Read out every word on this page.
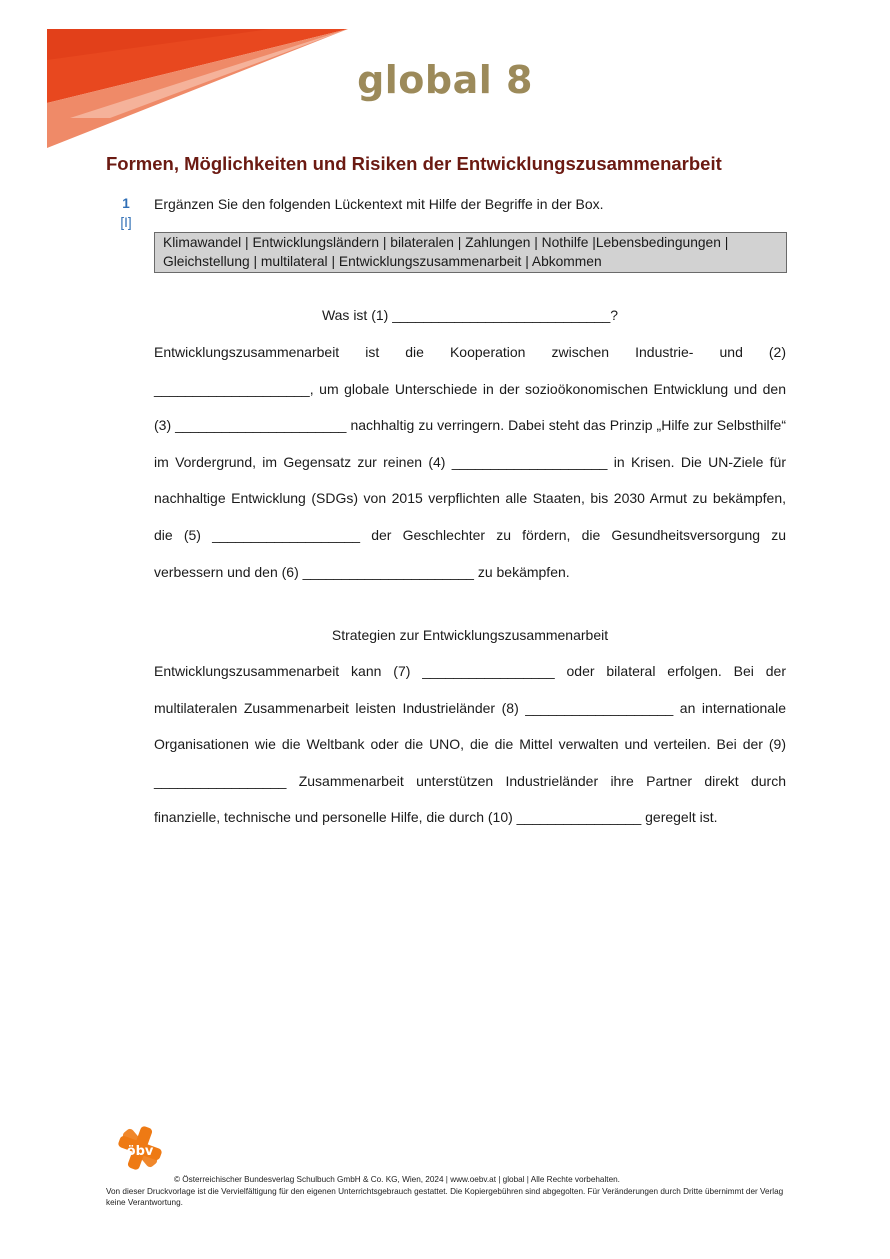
global 8
Formen, Möglichkeiten und Risiken der Entwicklungszusammenarbeit
1
[I]
Ergänzen Sie den folgenden Lückentext mit Hilfe der Begriffe in der Box.
Klimawandel | Entwicklungsländern | bilateralen | Zahlungen | Nothilfe |Lebensbedingungen |
Gleichstellung | multilateral | Entwicklungszusammenarbeit | Abkommen
Was ist (1) ____________________________?
Entwicklungszusammenarbeit ist die Kooperation zwischen Industrie- und (2) ____________________, um globale Unterschiede in der sozioökonomischen Entwicklung und den (3) ______________________ nachhaltig zu verringern. Dabei steht das Prinzip „Hilfe zur Selbsthilfe“ im Vordergrund, im Gegensatz zur reinen (4) ____________________ in Krisen. Die UN-Ziele für nachhaltige Entwicklung (SDGs) von 2015 verpflichten alle Staaten, bis 2030 Armut zu bekämpfen, die (5) ___________________ der Geschlechter zu fördern, die Gesundheitsversorgung zu verbessern und den (6) ______________________ zu bekämpfen.
Strategien zur Entwicklungszusammenarbeit
Entwicklungszusammenarbeit kann (7) _________________ oder bilateral erfolgen. Bei der multilateralen Zusammenarbeit leisten Industrieländer (8) ___________________ an internationale Organisationen wie die Weltbank oder die UNO, die die Mittel verwalten und verteilen. Bei der (9) _________________ Zusammenarbeit unterstützen Industrieländer ihre Partner direkt durch finanzielle, technische und personelle Hilfe, die durch (10) ________________ geregelt ist.
öbv
© Österreichischer Bundesverlag Schulbuch GmbH & Co. KG, Wien, 2024 | www.oebv.at | global | Alle Rechte vorbehalten.
Von dieser Druckvorlage ist die Vervielfältigung für den eigenen Unterrichtsgebrauch gestattet. Die Kopiergebühren sind abgegolten. Für Veränderungen durch Dritte übernimmt der Verlag keine Verantwortung.
